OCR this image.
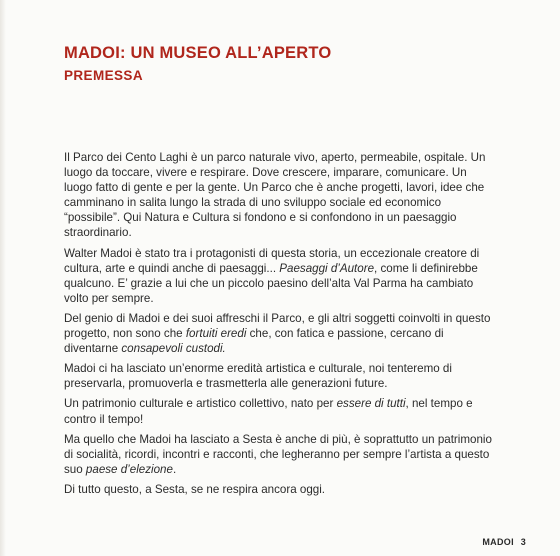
MADOI: UN MUSEO ALL’APERTO
PREMESSA

Il Parco dei Cento Laghi è un parco naturale vivo, aperto, permeabile, ospitale. Un luogo da toccare, vivere e respirare. Dove crescere, imparare, comunicare. Un luogo fatto di gente e per la gente. Un Parco che è anche progetti, lavori, idee che camminano in salita lungo la strada di uno sviluppo sociale ed economico “possibile”. Qui Natura e Cultura si fondono e si confondono in un paesaggio straordinario.

Walter Madoi è stato tra i protagonisti di questa storia, un eccezionale creatore di cultura, arte e quindi anche di paesaggi... Paesaggi d’Autore, come li definirebbe qualcuno. E’ grazie a lui che un piccolo paesino dell’alta Val Parma ha cambiato volto per sempre.

Del genio di Madoi e dei suoi affreschi il Parco, e gli altri soggetti coinvolti in questo progetto, non sono che fortuiti eredi che, con fatica e passione, cercano di diventarne consapevoli custodi.

Madoi ci ha lasciato un’enorme eredità artistica e culturale, noi tenteremo di preservarla, promuoverla e trasmetterla alle generazioni future.

Un patrimonio culturale e artistico collettivo, nato per essere di tutti, nel tempo e contro il tempo!

Ma quello che Madoi ha lasciato a Sesta è anche di più, è soprattutto un patrimonio di socialità, ricordi, incontri e racconti, che legheranno per sempre l’artista a questo suo paese d’elezione.

Di tutto questo, a Sesta, se ne respira ancora oggi.

MADOI 3
